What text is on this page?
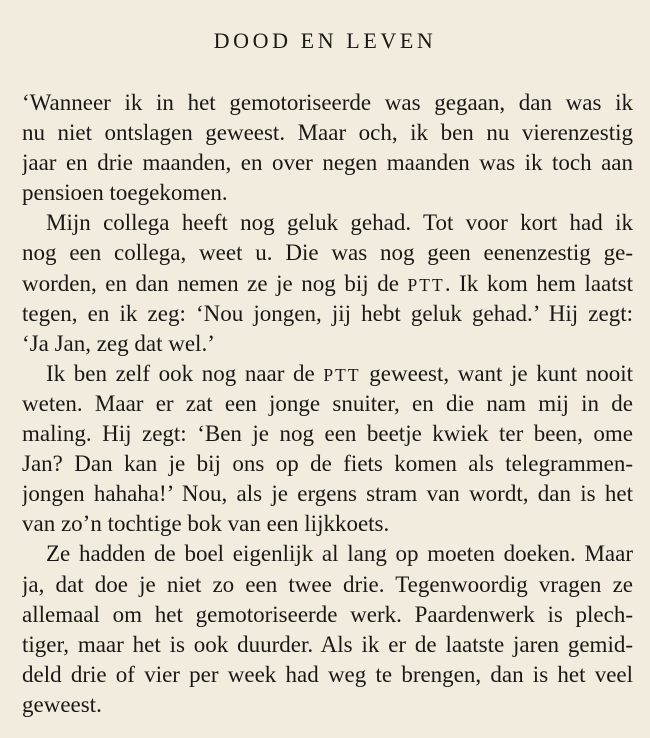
DOOD EN LEVEN
‘Wanneer ik in het gemotoriseerde was gegaan, dan was ik
nu niet ontslagen geweest. Maar och, ik ben nu vierenzestig
jaar en drie maanden, en over negen maanden was ik toch aan
pensioen toegekomen.
Mijn collega heeft nog geluk gehad. Tot voor kort had ik
nog een collega, weet u. Die was nog geen eenenzestig ge-
worden, en dan nemen ze je nog bij de PTT. Ik kom hem laatst
tegen, en ik zeg: ‘Nou jongen, jij hebt geluk gehad.’ Hij zegt:
‘Ja Jan, zeg dat wel.’
Ik ben zelf ook nog naar de PTT geweest, want je kunt nooit
weten. Maar er zat een jonge snuiter, en die nam mij in de
maling. Hij zegt: ‘Ben je nog een beetje kwiek ter been, ome
Jan? Dan kan je bij ons op de fiets komen als telegrammen-
jongen hahaha!’ Nou, als je ergens stram van wordt, dan is het
van zo’n tochtige bok van een lijkkoets.
Ze hadden de boel eigenlijk al lang op moeten doeken. Maar
ja, dat doe je niet zo een twee drie. Tegenwoordig vragen ze
allemaal om het gemotoriseerde werk. Paardenwerk is plech-
tiger, maar het is ook duurder. Als ik er de laatste jaren gemid-
deld drie of vier per week had weg te brengen, dan is het veel
geweest.
